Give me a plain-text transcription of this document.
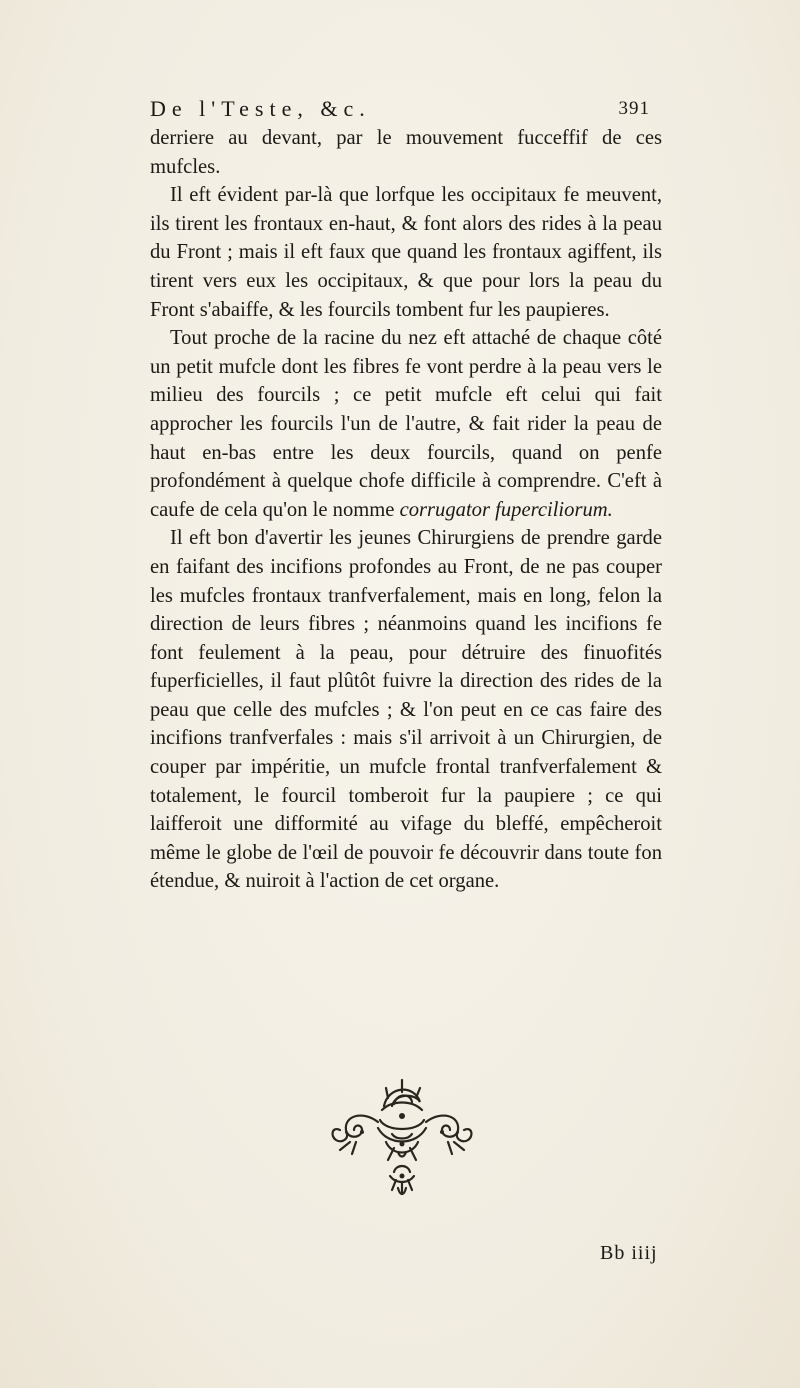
De l'Teste, &c.	391

derriere au devant, par le mouvement fucceffif de ces mufcles.

Il eft évident par-là que lorfque les occipitaux fe meuvent, ils tirent les frontaux en-haut, & font alors des rides à la peau du Front ; mais il eft faux que quand les frontaux agiffent, ils tirent vers eux les occipitaux, & que pour lors la peau du Front s'abaiffe, & les fourcils tombent fur les paupieres.

Tout proche de la racine du nez eft attaché de chaque côté un petit mufcle dont les fibres fe vont perdre à la peau vers le milieu des fourcils ; ce petit mufcle eft celui qui fait approcher les fourcils l'un de l'autre, & fait rider la peau de haut en-bas entre les deux fourcils, quand on penfe profondément à quelque chofe difficile à comprendre. C'eft à caufe de cela qu'on le nomme corrugator fuperciliorum.

Il eft bon d'avertir les jeunes Chirurgiens de prendre garde en faifant des incifions profondes au Front, de ne pas couper les mufcles frontaux tranfverfalement, mais en long, felon la direction de leurs fibres ; néanmoins quand les incifions fe font feulement à la peau, pour détruire des finuofités fuperficielles, il faut plûtôt fuivre la direction des rides de la peau que celle des mufcles ; & l'on peut en ce cas faire des incifions tranfverfales : mais s'il arrivoit à un Chirurgien, de couper par impéritie, un mufcle frontal tranfverfalement & totalement, le fourcil tomberoit fur la paupiere ; ce qui laifferoit une difformité au vifage du bleffé, empêcheroit même le globe de l'œil de pouvoir fe découvrir dans toute fon étendue, & nuiroit à l'action de cet organe.

Bb iiij
